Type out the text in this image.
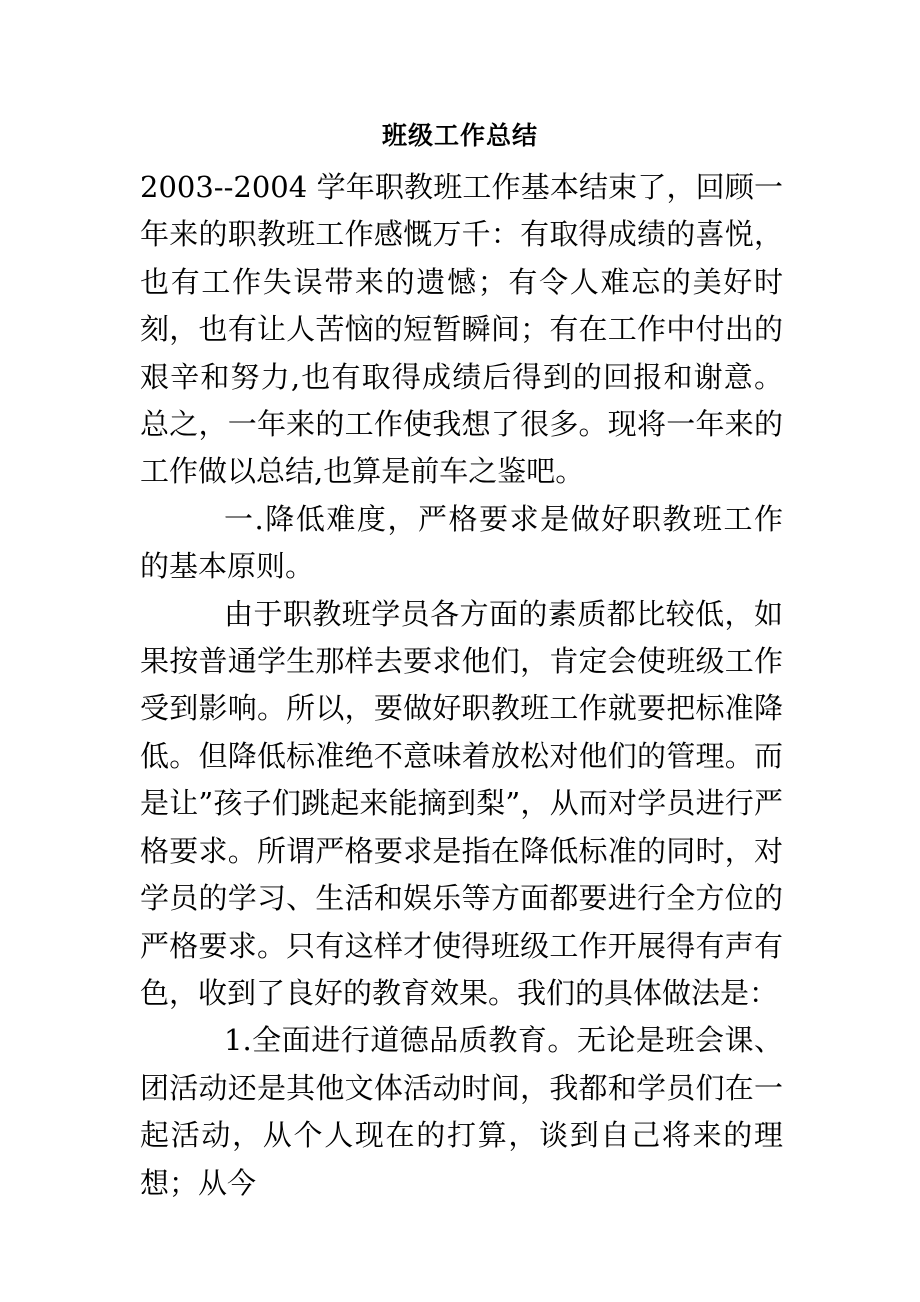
班级工作总结

2003--2004 学年职教班工作基本结束了，回顾一年来的职教班工作感慨万千：有取得成绩的喜悦，也有工作失误带来的遗憾；有令人难忘的美好时刻，也有让人苦恼的短暂瞬间；有在工作中付出的艰辛和努力,也有取得成绩后得到的回报和谢意。总之，一年来的工作使我想了很多。现将一年来的工作做以总结,也算是前车之鉴吧。

一.降低难度，严格要求是做好职教班工作的基本原则。

由于职教班学员各方面的素质都比较低，如果按普通学生那样去要求他们，肯定会使班级工作受到影响。所以，要做好职教班工作就要把标准降低。但降低标准绝不意味着放松对他们的管理。而是让”孩子们跳起来能摘到梨”，从而对学员进行严格要求。所谓严格要求是指在降低标准的同时，对学员的学习、生活和娱乐等方面都要进行全方位的严格要求。只有这样才使得班级工作开展得有声有色，收到了良好的教育效果。我们的具体做法是：

1.全面进行道德品质教育。无论是班会课、团活动还是其他文体活动时间，我都和学员们在一起活动，从个人现在的打算，谈到自己将来的理想；从今
